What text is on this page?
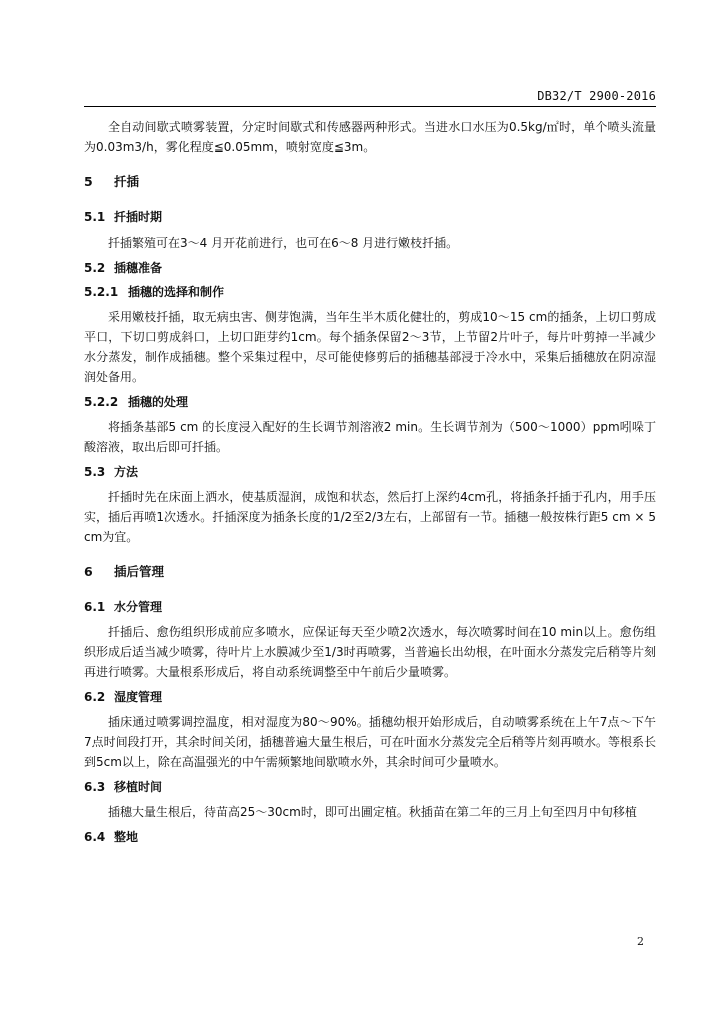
DB32/T 2900-2016

全自动间歇式喷雾装置，分定时间歇式和传感器两种形式。当进水口水压为0.5kg/㎡时，单个喷头流量为0.03m3/h，雾化程度≦0.05mm，喷射宽度≦3m。

5 扦插
5.1 扦插时期

扦插繁殖可在3～4 月开花前进行，也可在6～8 月进行嫩枝扦插。

5.2 插穗准备
5.2.1 插穗的选择和制作

采用嫩枝扦插，取无病虫害、侧芽饱满，当年生半木质化健壮的，剪成10～15 cm的插条，上切口剪成平口，下切口剪成斜口，上切口距芽约1cm。每个插条保留2～3节，上节留2片叶子，每片叶剪掉一半减少水分蒸发，制作成插穗。整个采集过程中，尽可能使修剪后的插穗基部浸于冷水中，采集后插穗放在阴凉湿润处备用。

5.2.2 插穗的处理

将插条基部5 cm 的长度浸入配好的生长调节剂溶液2 min。生长调节剂为（500～1000）ppm吲哚丁酸溶液，取出后即可扦插。

5.3 方法

扦插时先在床面上洒水，使基质湿润，成饱和状态，然后打上深约4cm孔，将插条扦插于孔内，用手压实，插后再喷1次透水。扦插深度为插条长度的1/2至2/3左右，上部留有一节。插穗一般按株行距5 cm × 5 cm为宜。

6 插后管理
6.1 水分管理

扦插后、愈伤组织形成前应多喷水，应保证每天至少喷2次透水，每次喷雾时间在10 min以上。愈伤组织形成后适当减少喷雾，待叶片上水膜减少至1/3时再喷雾，当普遍长出幼根，在叶面水分蒸发完后稍等片刻再进行喷雾。大量根系形成后，将自动系统调整至中午前后少量喷雾。

6.2 湿度管理

插床通过喷雾调控温度，相对湿度为80～90%。插穗幼根开始形成后，自动喷雾系统在上午7点～下午7点时间段打开，其余时间关闭，插穗普遍大量生根后，可在叶面水分蒸发完全后稍等片刻再喷水。等根系长到5cm以上，除在高温强光的中午需频繁地间歇喷水外，其余时间可少量喷水。

6.3 移植时间

插穗大量生根后，待苗高25～30cm时，即可出圃定植。秋插苗在第二年的三月上旬至四月中旬移植

6.4 整地
2
